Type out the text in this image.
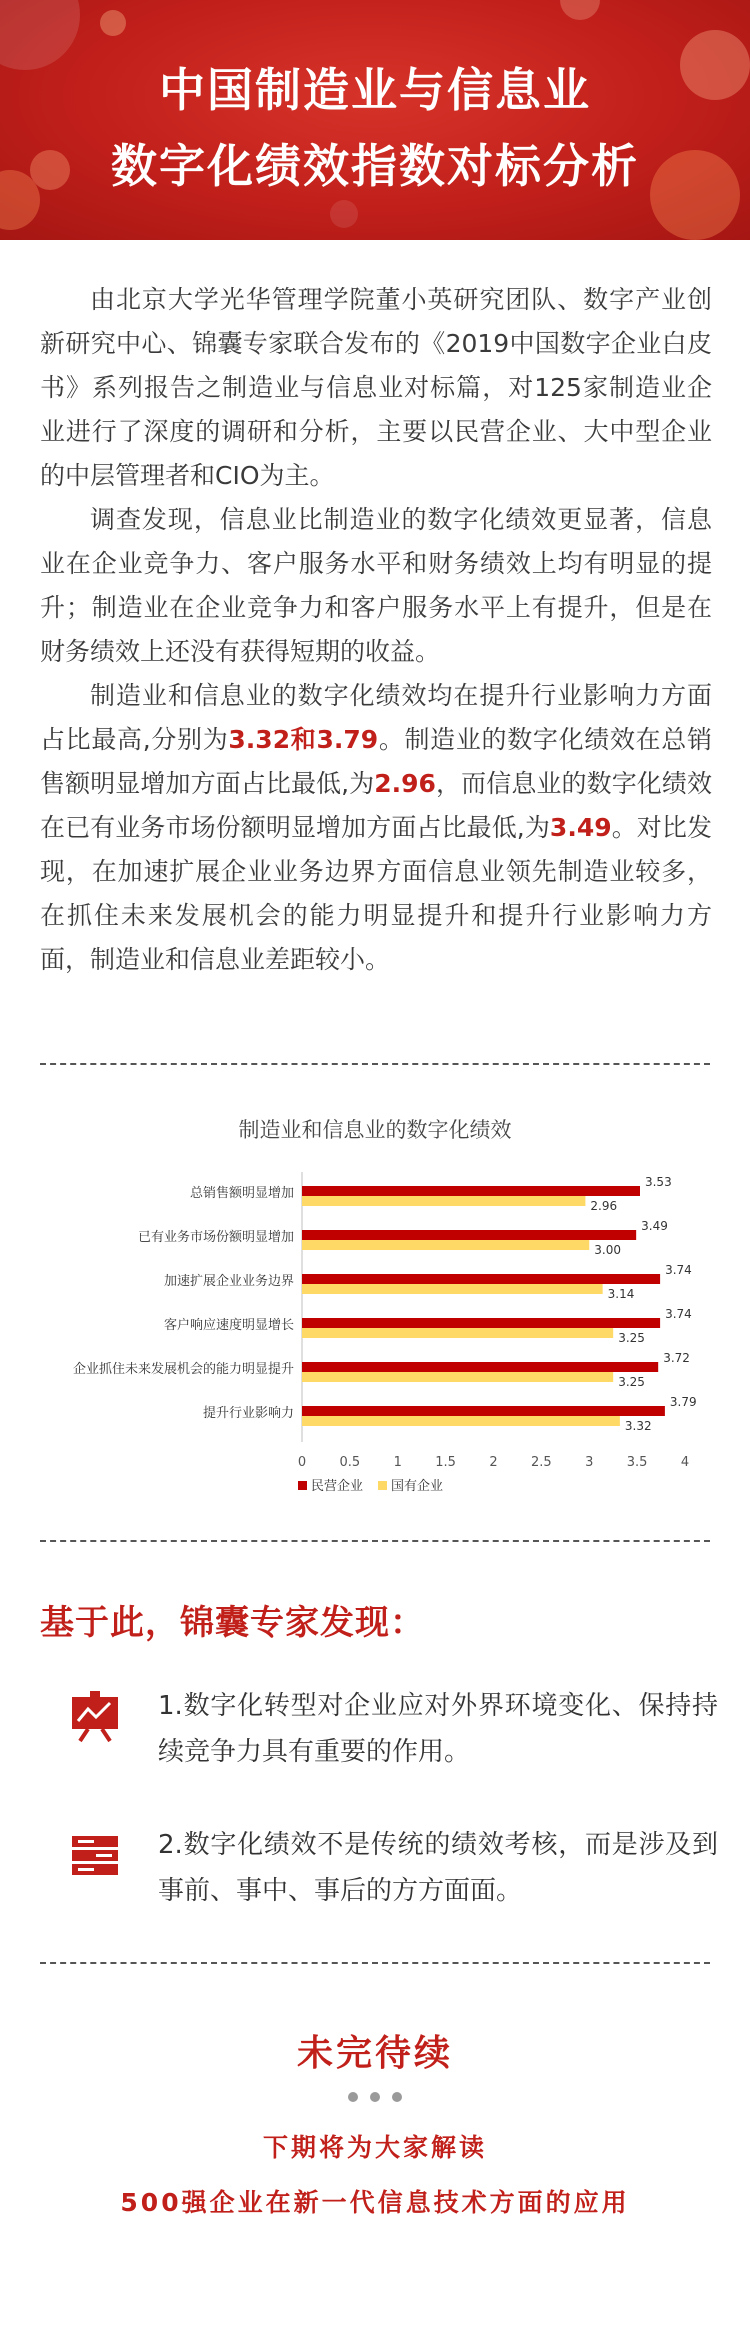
中国制造业与信息业
数字化绩效指数对标分析

由北京大学光华管理学院董小英研究团队、数字产业创新研究中心、锦囊专家联合发布的《2019中国数字企业白皮书》系列报告之制造业与信息业对标篇，对125家制造业企业进行了深度的调研和分析，主要以民营企业、大中型企业的中层管理者和CIO为主。

调查发现，信息业比制造业的数字化绩效更显著，信息业在企业竞争力、客户服务水平和财务绩效上均有明显的提升；制造业在企业竞争力和客户服务水平上有提升，但是在财务绩效上还没有获得短期的收益。

制造业和信息业的数字化绩效均在提升行业影响力方面占比最高,分别为3.32和3.79。制造业的数字化绩效在总销售额明显增加方面占比最低,为2.96，而信息业的数字化绩效在已有业务市场份额明显增加方面占比最低,为3.49。对比发现，在加速扩展企业业务边界方面信息业领先制造业较多，在抓住未来发展机会的能力明显提升和提升行业影响力方面，制造业和信息业差距较小。

制造业和信息业的数字化绩效
总销售额明显增加
3.53
2.96
已有业务市场份额明显增加
3.49
3.00
加速扩展企业业务边界
3.74
3.14
客户响应速度明显增长
3.74
3.25
企业抓住未来发展机会的能力明显提升
3.72
3.25
提升行业影响力
3.79
3.32
0	0.5	1	1.5	2	2.5	3	3.5	4
民营企业 国有企业
基于此，锦囊专家发现：
1.数字化转型对企业应对外界环境变化、保持持续竞争力具有重要的作用。
2.数字化绩效不是传统的绩效考核，而是涉及到事前、事中、事后的方方面面。
未完待续
下期将为大家解读
500强企业在新一代信息技术方面的应用
